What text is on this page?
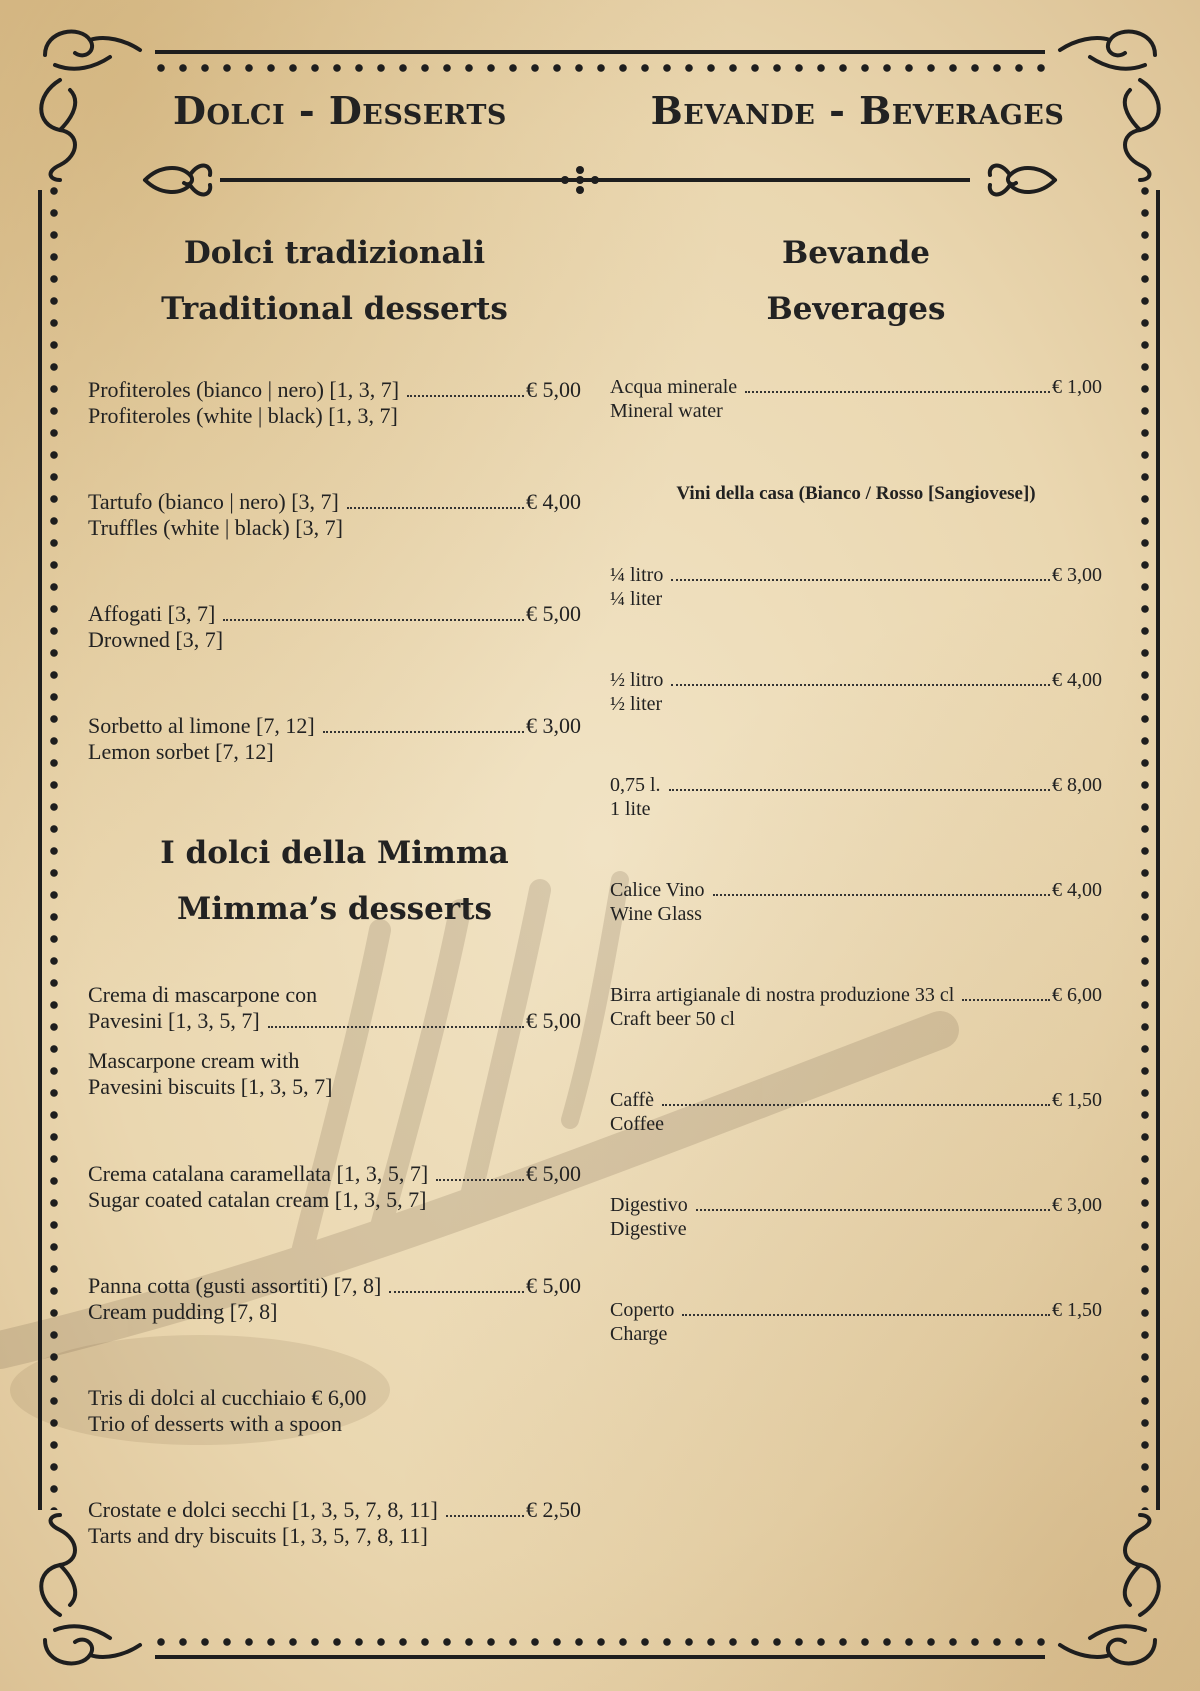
Dolci - Desserts	Bevande - Beverages
Dolci tradizionali
Traditional desserts
Profiteroles (bianco | nero) [1, 3, 7]	€ 5,00
Profiteroles (white | black) [1, 3, 7]
Tartufo (bianco | nero) [3, 7]	€ 4,00
Truffles (white | black) [3, 7]
Affogati [3, 7]	€ 5,00
Drowned [3, 7]
Sorbetto al limone [7, 12]	€ 3,00
Lemon sorbet [7, 12]
I dolci della Mimma
Mimma’s desserts
Crema di mascarpone con
Pavesini [1, 3, 5, 7]	€ 5,00
Mascarpone cream with
Pavesini biscuits [1, 3, 5, 7]
Crema catalana caramellata [1, 3, 5, 7]	€ 5,00
Sugar coated catalan cream [1, 3, 5, 7]
Panna cotta (gusti assortiti) [7, 8]	€ 5,00
Cream pudding [7, 8]
Tris di dolci al cucchiaio € 6,00
Trio of desserts with a spoon
Crostate e dolci secchi [1, 3, 5, 7, 8, 11]	€ 2,50
Tarts and dry biscuits [1, 3, 5, 7, 8, 11]
Bevande
Beverages
Acqua minerale	€ 1,00
Mineral water
Vini della casa (Bianco / Rosso [Sangiovese])
¼ litro	€ 3,00
¼ liter
½ litro	€ 4,00
½ liter
0,75 l.	€ 8,00
1 lite
Calice Vino	€ 4,00
Wine Glass
Birra artigianale di nostra produzione 33 cl	€ 6,00
Craft beer 50 cl
Caffè	€ 1,50
Coffee
Digestivo	€ 3,00
Digestive
Coperto	€ 1,50
Charge
